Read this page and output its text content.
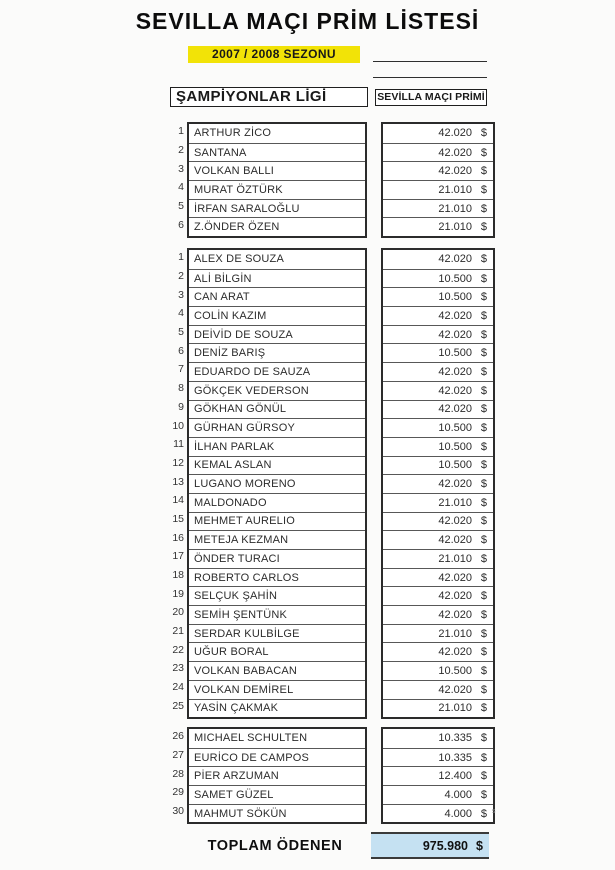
SEVILLA MAÇI PRİM LİSTESİ
2007 / 2008 SEZONU
ŞAMPİYONLAR LİGİ	SEVİLLA MAÇI PRİMİ
1
2
3
4
5
6
ARTHUR ZİCO
SANTANA
VOLKAN BALLI
MURAT ÖZTÜRK
İRFAN SARALOĞLU
Z.ÖNDER ÖZEN
42.020 $
42.020 $
42.020 $
21.010 $
21.010 $
21.010 $
1
2
3
4
5
6
7
8
9
10
11
12
13
14
15
16
17
18
19
20
21
22
23
24
25
ALEX DE SOUZA
ALİ BİLGİN
CAN ARAT
COLİN KAZIM
DEİVİD DE SOUZA
DENİZ BARIŞ
EDUARDO DE SAUZA
GÖKÇEK VEDERSON
GÖKHAN GÖNÜL
GÜRHAN GÜRSOY
İLHAN PARLAK
KEMAL ASLAN
LUGANO MORENO
MALDONADO
MEHMET AURELIO
METEJA KEZMAN
ÖNDER TURACI
ROBERTO CARLOS
SELÇUK ŞAHİN
SEMİH ŞENTÜNK
SERDAR KULBİLGE
UĞUR BORAL
VOLKAN BABACAN
VOLKAN DEMİREL
YASİN ÇAKMAK
42.020 $
10.500 $
10.500 $
42.020 $
42.020 $
10.500 $
42.020 $
42.020 $
42.020 $
10.500 $
10.500 $
10.500 $
42.020 $
21.010 $
42.020 $
42.020 $
21.010 $
42.020 $
42.020 $
42.020 $
21.010 $
42.020 $
10.500 $
42.020 $
21.010 $
26
27
28
29
30
MICHAEL SCHULTEN
EURİCO DE CAMPOS
PİER ARZUMAN
SAMET GÜZEL
MAHMUT SÖKÜN
10.335 $
10.335 $
12.400 $
4.000 $
4.000 $
TOPLAM ÖDENEN	975.980 $
s
